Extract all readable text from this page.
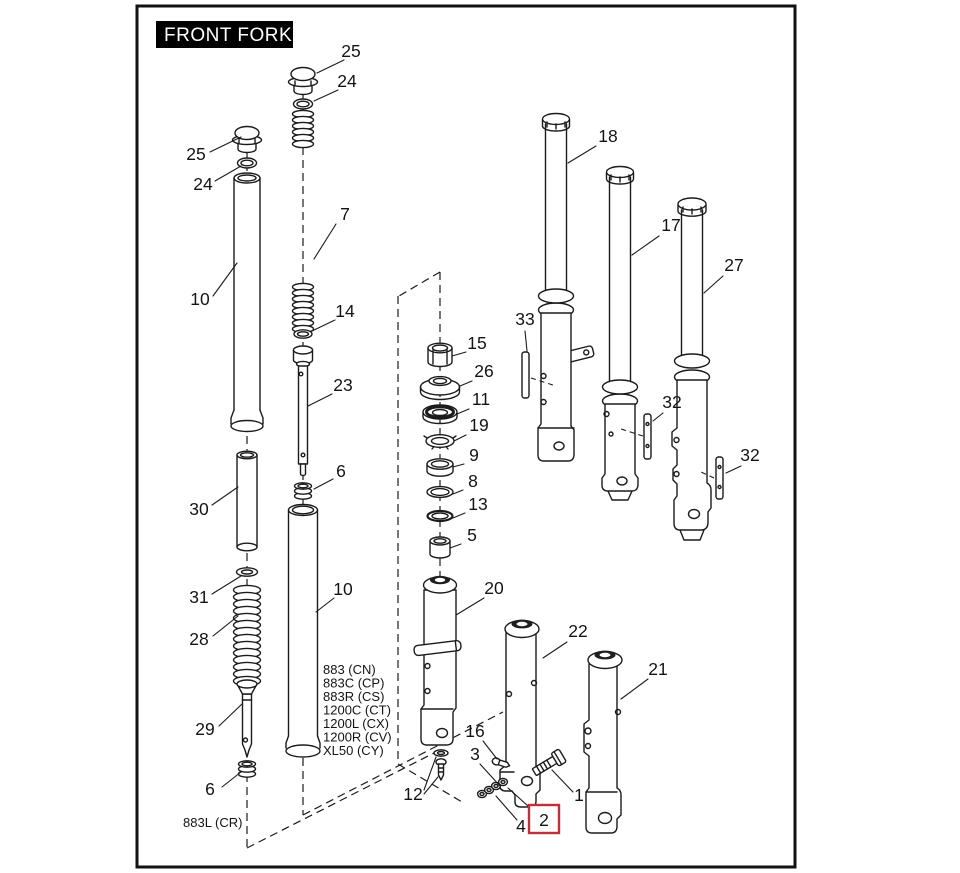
25
24
10
30
31
28
29
6
25
24
7
14
23
6
10
15
26
11
19
9
8
13
5
20
22
21
18
17
27
33
32
32
16
3
12
4
1
2
883 (CN)
883C (CP)
883R (CS)
1200C (CT)
1200L (CX)
1200R (CV)
XL50 (CY)
883L (CR)
FRONT FORK
